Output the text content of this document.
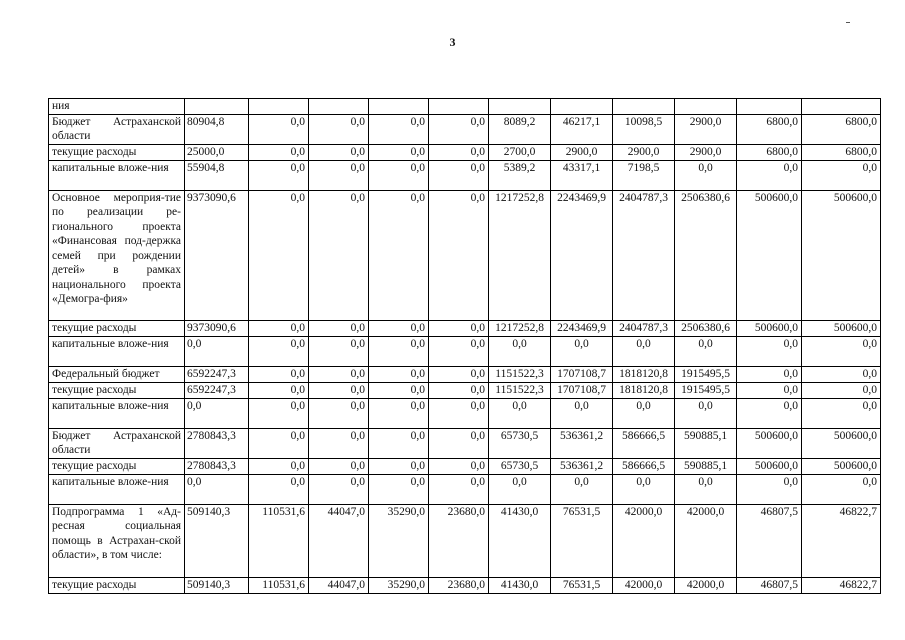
3
ния											
Бюджет Астраханской области	80904,8	0,0	0,0	0,0	0,0	8089,2	46217,1	10098,5	2900,0	6800,0	6800,0
текущие расходы	25000,0	0,0	0,0	0,0	0,0	2700,0	2900,0	2900,0	2900,0	6800,0	6800,0
капитальные вложе-ния	55904,8	0,0	0,0	0,0	0,0	5389,2	43317,1	7198,5	0,0	0,0	0,0
Основное мероприя-тие по реализации ре-гионального проекта «Финансовая под-держка семей при рождении детей» в рамках национального проекта «Демогра-фия»	9373090,6	0,0	0,0	0,0	0,0	1217252,8	2243469,9	2404787,3	2506380,6	500600,0	500600,0
текущие расходы	9373090,6	0,0	0,0	0,0	0,0	1217252,8	2243469,9	2404787,3	2506380,6	500600,0	500600,0
капитальные вложе-ния	0,0	0,0	0,0	0,0	0,0	0,0	0,0	0,0	0,0	0,0	0,0
Федеральный бюджет	6592247,3	0,0	0,0	0,0	0,0	1151522,3	1707108,7	1818120,8	1915495,5	0,0	0,0
текущие расходы	6592247,3	0,0	0,0	0,0	0,0	1151522,3	1707108,7	1818120,8	1915495,5	0,0	0,0
капитальные вложе-ния	0,0	0,0	0,0	0,0	0,0	0,0	0,0	0,0	0,0	0,0	0,0
Бюджет Астраханской области	2780843,3	0,0	0,0	0,0	0,0	65730,5	536361,2	586666,5	590885,1	500600,0	500600,0
текущие расходы	2780843,3	0,0	0,0	0,0	0,0	65730,5	536361,2	586666,5	590885,1	500600,0	500600,0
капитальные вложе-ния	0,0	0,0	0,0	0,0	0,0	0,0	0,0	0,0	0,0	0,0	0,0
Подпрограмма 1 «Ад-ресная социальная помощь в Астрахан-ской области», в том числе:	509140,3	110531,6	44047,0	35290,0	23680,0	41430,0	76531,5	42000,0	42000,0	46807,5	46822,7
текущие расходы	509140,3	110531,6	44047,0	35290,0	23680,0	41430,0	76531,5	42000,0	42000,0	46807,5	46822,7
